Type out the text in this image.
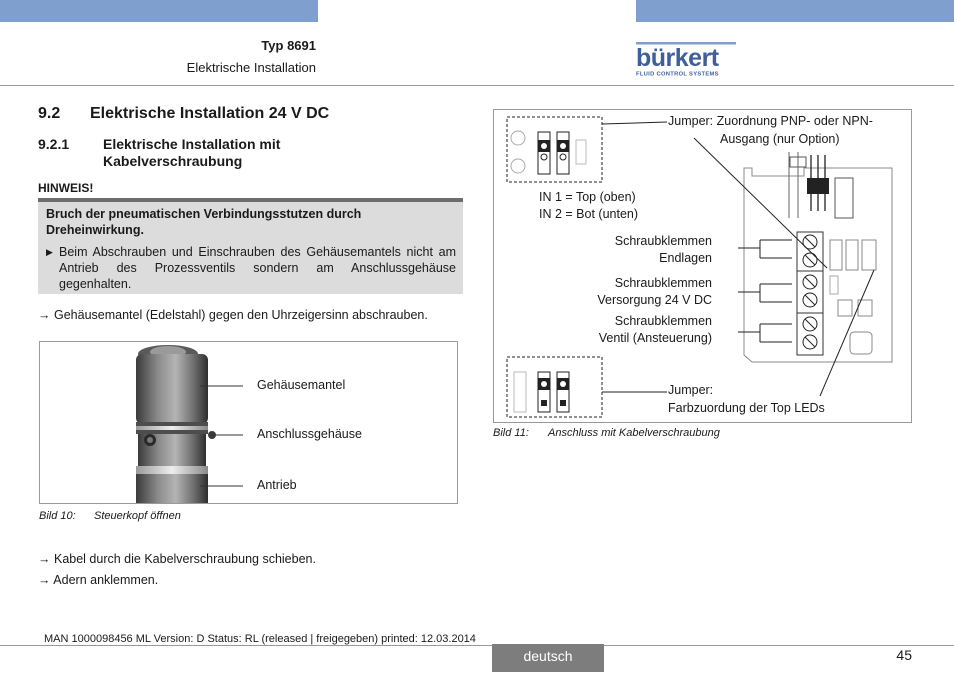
Typ 8691
Elektrische Installation	bürkert
FLUID CONTROL SYSTEMS
9.2 Elektrische Installation 24 V DC
9.2.1 Elektrische Installation mit Kabelverschraubung
HINWEIS!
Bruch der pneumatischen Verbindungsstutzen durch Dreheinwirkung.
▶ Beim Abschrauben und Einschrauben des Gehäusemantels nicht am Antrieb des Prozessventils sondern am Anschlussgehäuse gegenhalten.
→ Gehäusemantel (Edelstahl) gegen den Uhrzeigersinn abschrauben.
Gehäusemantel
Anschlussgehäuse
Antrieb
Bild 10: Steuerkopf öffnen
→ Kabel durch die Kabelverschraubung schieben.
→ Adern anklemmen.
Jumper: Zuordnung PNP- oder NPN-
Ausgang (nur Option)
IN 1 = Top (oben)
IN 2 = Bot (unten)
Schraubklemmen
Endlagen
Schraubklemmen
Versorgung 24 V DC
Schraubklemmen
Ventil (Ansteuerung)
Jumper:
Farbzuordung der Top LEDs
Bild 11: Anschluss mit Kabelverschraubung
MAN 1000098456 ML Version: D Status: RL (released | freigegeben) printed: 12.03.2014
deutsch	45
